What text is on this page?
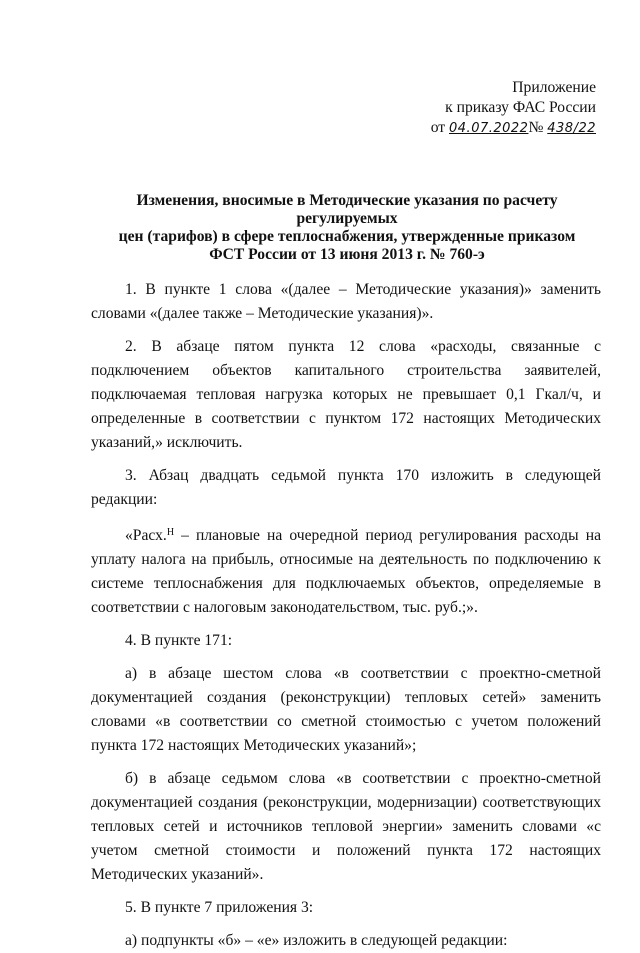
Приложение
к приказу ФАС России
от 04.07.2022№ 438/22
Изменения, вносимые в Методические указания по расчету регулируемых
цен (тарифов) в сфере теплоснабжения, утвержденные приказом
ФСТ России от 13 июня 2013 г. № 760-э

1. В пункте 1 слова «(далее – Методические указания)» заменить словами «(далее также – Методические указания)».

2. В абзаце пятом пункта 12 слова «расходы, связанные с подключением объектов капитального строительства заявителей, подключаемая тепловая нагрузка которых не превышает 0,1 Гкал/ч, и определенные в соответствии с пунктом 172 настоящих Методических указаний,» исключить.

3. Абзац двадцать седьмой пункта 170 изложить в следующей редакции:

«Расх.$^Н$ – плановые на очередной период регулирования расходы на уплату налога на прибыль, относимые на деятельность по подключению к системе теплоснабжения для подключаемых объектов, определяемые в соответствии с налоговым законодательством, тыс. руб.;».

4. В пункте 171:

а) в абзаце шестом слова «в соответствии с проектно-сметной документацией создания (реконструкции) тепловых сетей» заменить словами «в соответствии со сметной стоимостью с учетом положений пункта 172 настоящих Методических указаний»;

б) в абзаце седьмом слова «в соответствии с проектно-сметной документацией создания (реконструкции, модернизации) соответствующих тепловых сетей и источников тепловой энергии» заменить словами «с учетом сметной стоимости и положений пункта 172 настоящих Методических указаний».

5. В пункте 7 приложения 3:

а) подпункты «б» – «е» изложить в следующей редакции:
